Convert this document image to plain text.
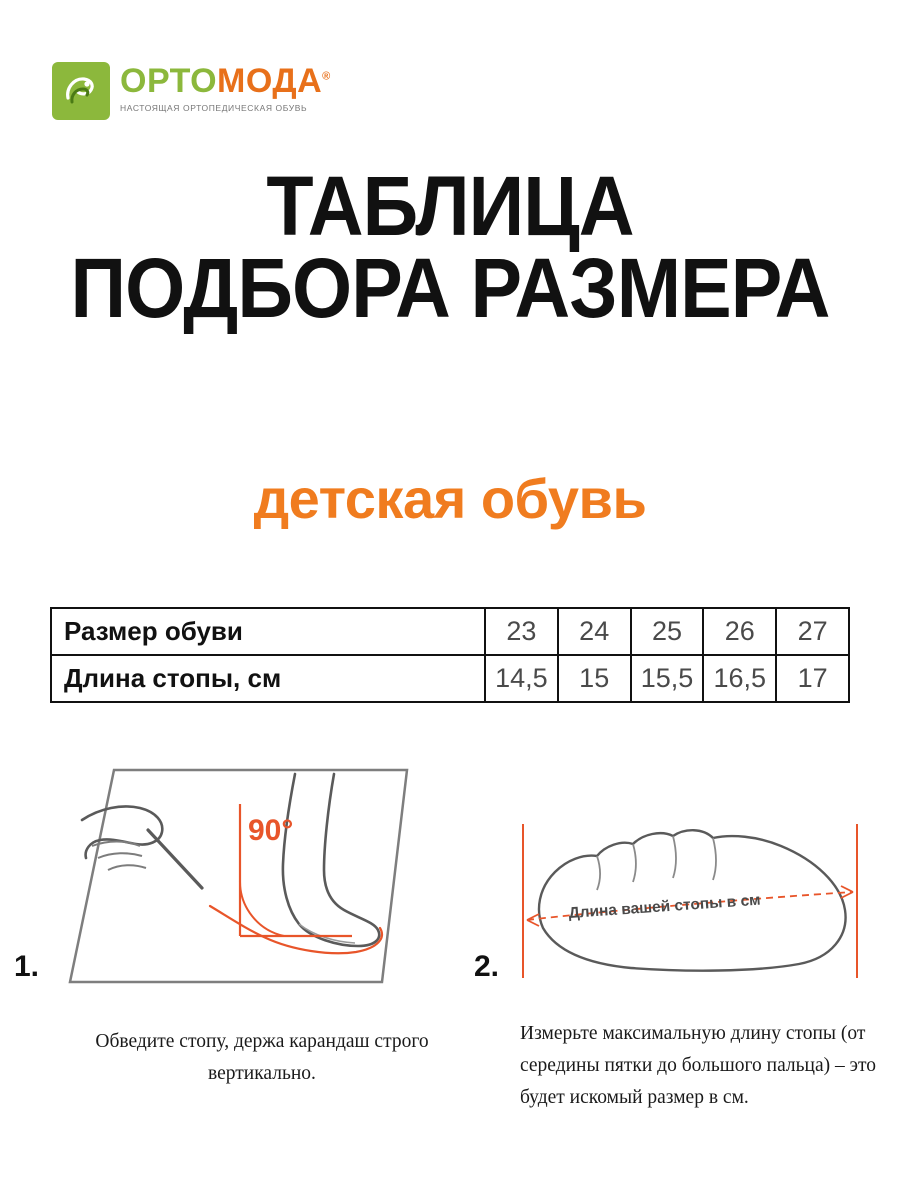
ОРТОМОДА®
НАСТОЯЩАЯ ОРТОПЕДИЧЕСКАЯ ОБУВЬ
ТАБЛИЦА
ПОДБОРА РАЗМЕРА
детская обувь
Размер обуви	23	24	25	26	27
Длина стопы, см	14,5	15	15,5	16,5	17
1.
90°
Обведите стопу, держа карандаш строго вертикально.
2.
Длина вашей стопы в см
Измерьте максимальную длину стопы (от середины пятки до большого пальца) – это будет искомый размер в см.
